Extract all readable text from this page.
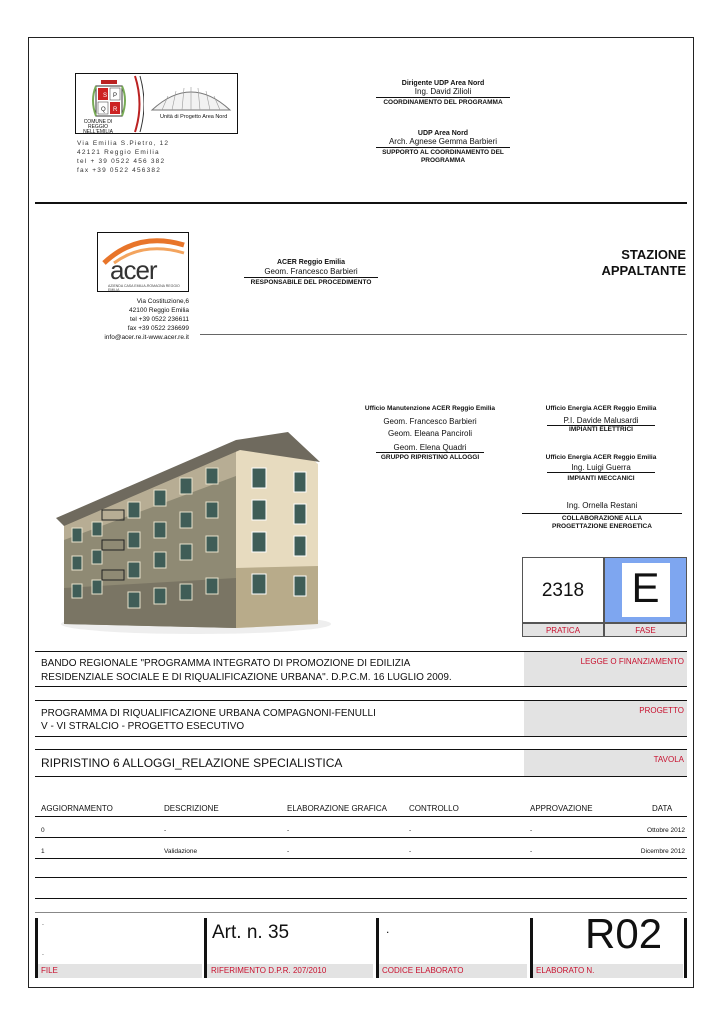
S P
Q R
COMUNE DI
REGGIO NELL'EMILIA
Unità di Progetto Area Nord
Via Emilia S.Pietro, 12
42121 Reggio Emilia
tel + 39 0522 456 382
fax +39 0522 456382
Dirigente UDP Area Nord
Ing. David Zilioli
COORDINAMENTO DEL PROGRAMMA
UDP Area Nord
Arch. Agnese Gemma Barbieri
SUPPORTO AL COORDINAMENTO DEL PROGRAMMA
acer
AZIENDA CASA EMILIA-ROMAGNA REGGIO EMILIA
Via Costituzione,6
42100 Reggio Emilia
tel +39 0522 236611
fax +39 0522 236699
info@acer.re.it-www.acer.re.it
ACER Reggio Emilia
Geom. Francesco Barbieri
RESPONSABILE DEL PROCEDIMENTO
STAZIONE
APPALTANTE
Ufficio Manutenzione ACER Reggio Emilia
Geom. Francesco Barbieri
Geom. Eleana Panciroli
Geom. Elena Quadri
GRUPPO RIPRISTINO ALLOGGI
Ufficio Energia ACER Reggio Emilia
P.I. Davide Malusardi
IMPIANTI ELETTRICI
Ufficio Energia ACER Reggio Emilia
Ing. Luigi Guerra
IMPIANTI MECCANICI
Ing. Ornella Restani
COLLABORAZIONE ALLA PROGETTAZIONE ENERGETICA
2318	E
PRATICA	FASE
BANDO REGIONALE "PROGRAMMA INTEGRATO DI PROMOZIONE DI EDILIZIA
RESIDENZIALE SOCIALE E DI RIQUALIFICAZIONE URBANA". D.P.C.M. 16 LUGLIO 2009.
LEGGE O FINANZIAMENTO
PROGRAMMA DI RIQUALIFICAZIONE URBANA COMPAGNONI-FENULLI
V - VI STRALCIO - PROGETTO ESECUTIVO
PROGETTO
RIPRISTINO 6 ALLOGGI_RELAZIONE SPECIALISTICA	TAVOLA
AGGIORNAMENTO	DESCRIZIONE	ELABORAZIONE GRAFICA	CONTROLLO	APPROVAZIONE	DATA
0	-	-	-	-	Ottobre 2012
1	Validazione	-	-	-	Dicembre 2012
.
.
FILE
Art. n. 35
RIFERIMENTO D.P.R. 207/2010
.
CODICE ELABORATO
R02
ELABORATO N.
